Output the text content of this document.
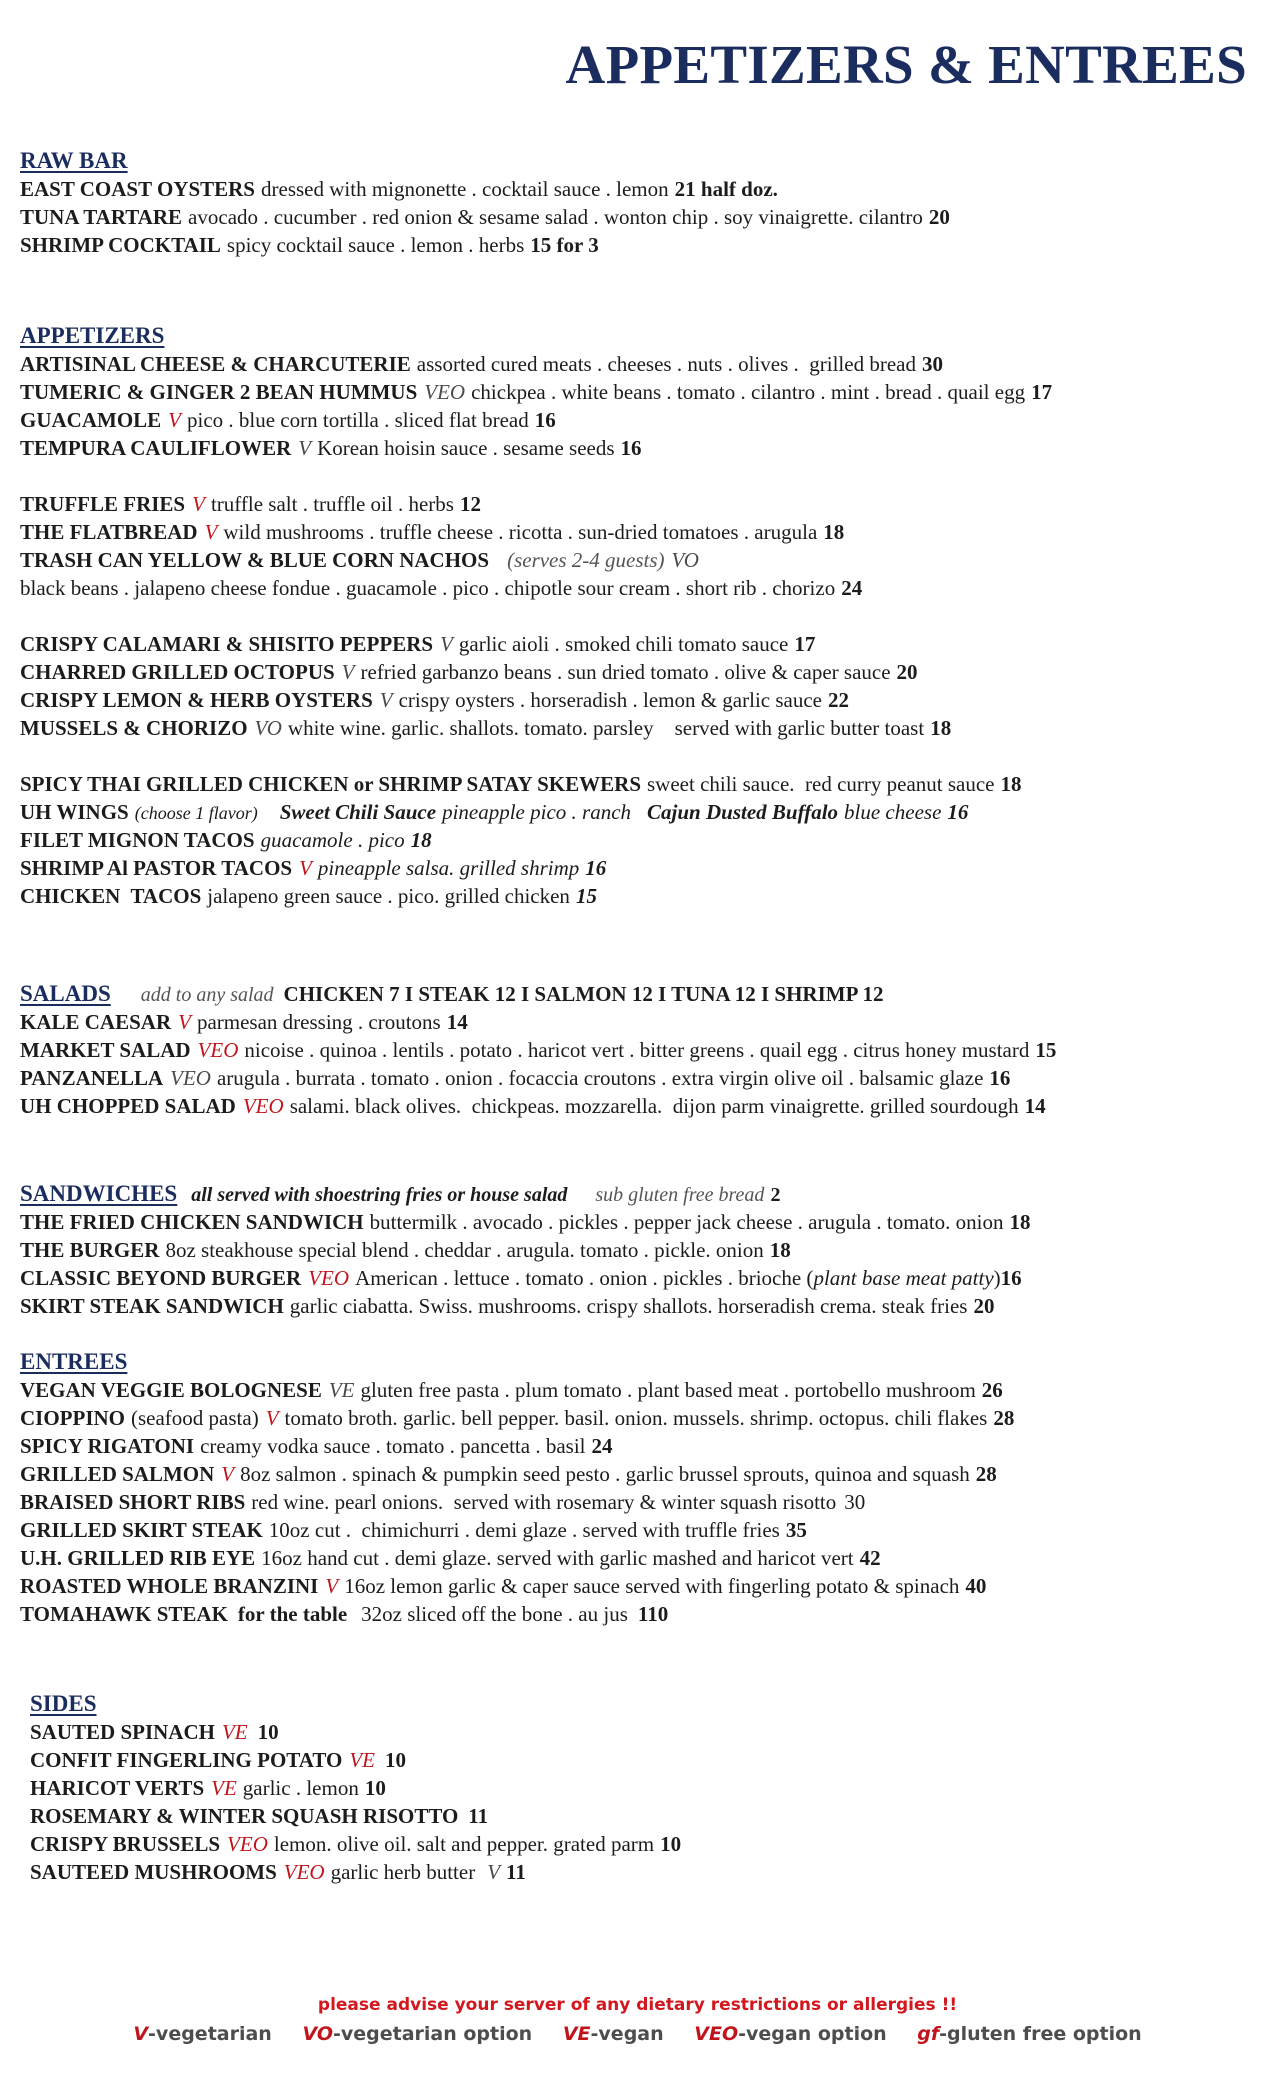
APPETIZERS & ENTREES
RAW BAR
EAST COAST OYSTERS dressed with mignonette . cocktail sauce . lemon 21 half doz.
TUNA TARTARE avocado . cucumber . red onion & sesame salad . wonton chip . soy vinaigrette. cilantro 20
SHRIMP COCKTAIL spicy cocktail sauce . lemon . herbs 15 for 3
APPETIZERS
ARTISINAL CHEESE & CHARCUTERIE assorted cured meats . cheeses . nuts . olives .  grilled bread 30
TUMERIC & GINGER 2 BEAN HUMMUS VEO chickpea . white beans . tomato . cilantro . mint . bread . quail egg 17
GUACAMOLE V pico . blue corn tortilla . sliced flat bread 16
TEMPURA CAULIFLOWER V Korean hoisin sauce . sesame seeds 16
TRUFFLE FRIES V truffle salt . truffle oil . herbs 12
THE FLATBREAD V wild mushrooms . truffle cheese . ricotta . sun-dried tomatoes . arugula 18
TRASH CAN YELLOW & BLUE CORN NACHOS (serves 2-4 guests) VO
black beans . jalapeno cheese fondue . guacamole . pico . chipotle sour cream . short rib . chorizo 24
CRISPY CALAMARI & SHISITO PEPPERS V garlic aioli . smoked chili tomato sauce 17
CHARRED GRILLED OCTOPUS V refried garbanzo beans . sun dried tomato . olive & caper sauce 20
CRISPY LEMON & HERB OYSTERS V crispy oysters . horseradish . lemon & garlic sauce 22
MUSSELS & CHORIZO VO white wine. garlic. shallots. tomato. parsley    served with garlic butter toast 18
SPICY THAI GRILLED CHICKEN or SHRIMP SATAY SKEWERS sweet chili sauce.  red curry peanut sauce 18
UH WINGS (choose 1 flavor) Sweet Chili Sauce pineapple pico . ranch Cajun Dusted Buffalo blue cheese 16
FILET MIGNON TACOS guacamole . pico 18
SHRIMP Al PASTOR TACOS V pineapple salsa. grilled shrimp 16
CHICKEN  TACOS jalapeno green sauce . pico. grilled chicken 15
SALADS add to any salad CHICKEN 7 I STEAK 12 I SALMON 12 I TUNA 12 I SHRIMP 12
KALE CAESAR V parmesan dressing . croutons 14
MARKET SALAD VEO nicoise . quinoa . lentils . potato . haricot vert . bitter greens . quail egg . citrus honey mustard 15
PANZANELLA VEO arugula . burrata . tomato . onion . focaccia croutons . extra virgin olive oil . balsamic glaze 16
UH CHOPPED SALAD VEO salami. black olives.  chickpeas. mozzarella.  dijon parm vinaigrette. grilled sourdough 14
SANDWICHES all served with shoestring fries or house salad sub gluten free bread 2
THE FRIED CHICKEN SANDWICH buttermilk . avocado . pickles . pepper jack cheese . arugula . tomato. onion 18
THE BURGER 8oz steakhouse special blend . cheddar . arugula. tomato . pickle. onion 18
CLASSIC BEYOND BURGER VEO American . lettuce . tomato . onion . pickles . brioche (plant base meat patty)16
SKIRT STEAK SANDWICH garlic ciabatta. Swiss. mushrooms. crispy shallots. horseradish crema. steak fries 20
ENTREES
VEGAN VEGGIE BOLOGNESE VE gluten free pasta . plum tomato . plant based meat . portobello mushroom 26
CIOPPINO (seafood pasta) V tomato broth. garlic. bell pepper. basil. onion. mussels. shrimp. octopus. chili flakes 28
SPICY RIGATONI creamy vodka sauce . tomato . pancetta . basil 24
GRILLED SALMON V 8oz salmon . spinach & pumpkin seed pesto . garlic brussel sprouts, quinoa and squash 28
BRAISED SHORT RIBS red wine. pearl onions.  served with rosemary & winter squash risotto 30
GRILLED SKIRT STEAK 10oz cut .  chimichurri . demi glaze . served with truffle fries 35
U.H. GRILLED RIB EYE 16oz hand cut . demi glaze. served with garlic mashed and haricot vert 42
ROASTED WHOLE BRANZINI V 16oz lemon garlic & caper sauce served with fingerling potato & spinach 40
TOMAHAWK STEAK for the table 32oz sliced off the bone . au jus 110
SIDES
SAUTED SPINACH VE 10
CONFIT FINGERLING POTATO VE 10
HARICOT VERTS VE garlic . lemon 10
ROSEMARY & WINTER SQUASH RISOTTO 11
CRISPY BRUSSELS VEO lemon. olive oil. salt and pepper. grated parm 10
SAUTEED MUSHROOMS VEO garlic herb butter V 11
please advise your server of any dietary restrictions or allergies !!
V-vegetarian VO-vegetarian option VE-vegan VEO-vegan option gf-gluten free option
